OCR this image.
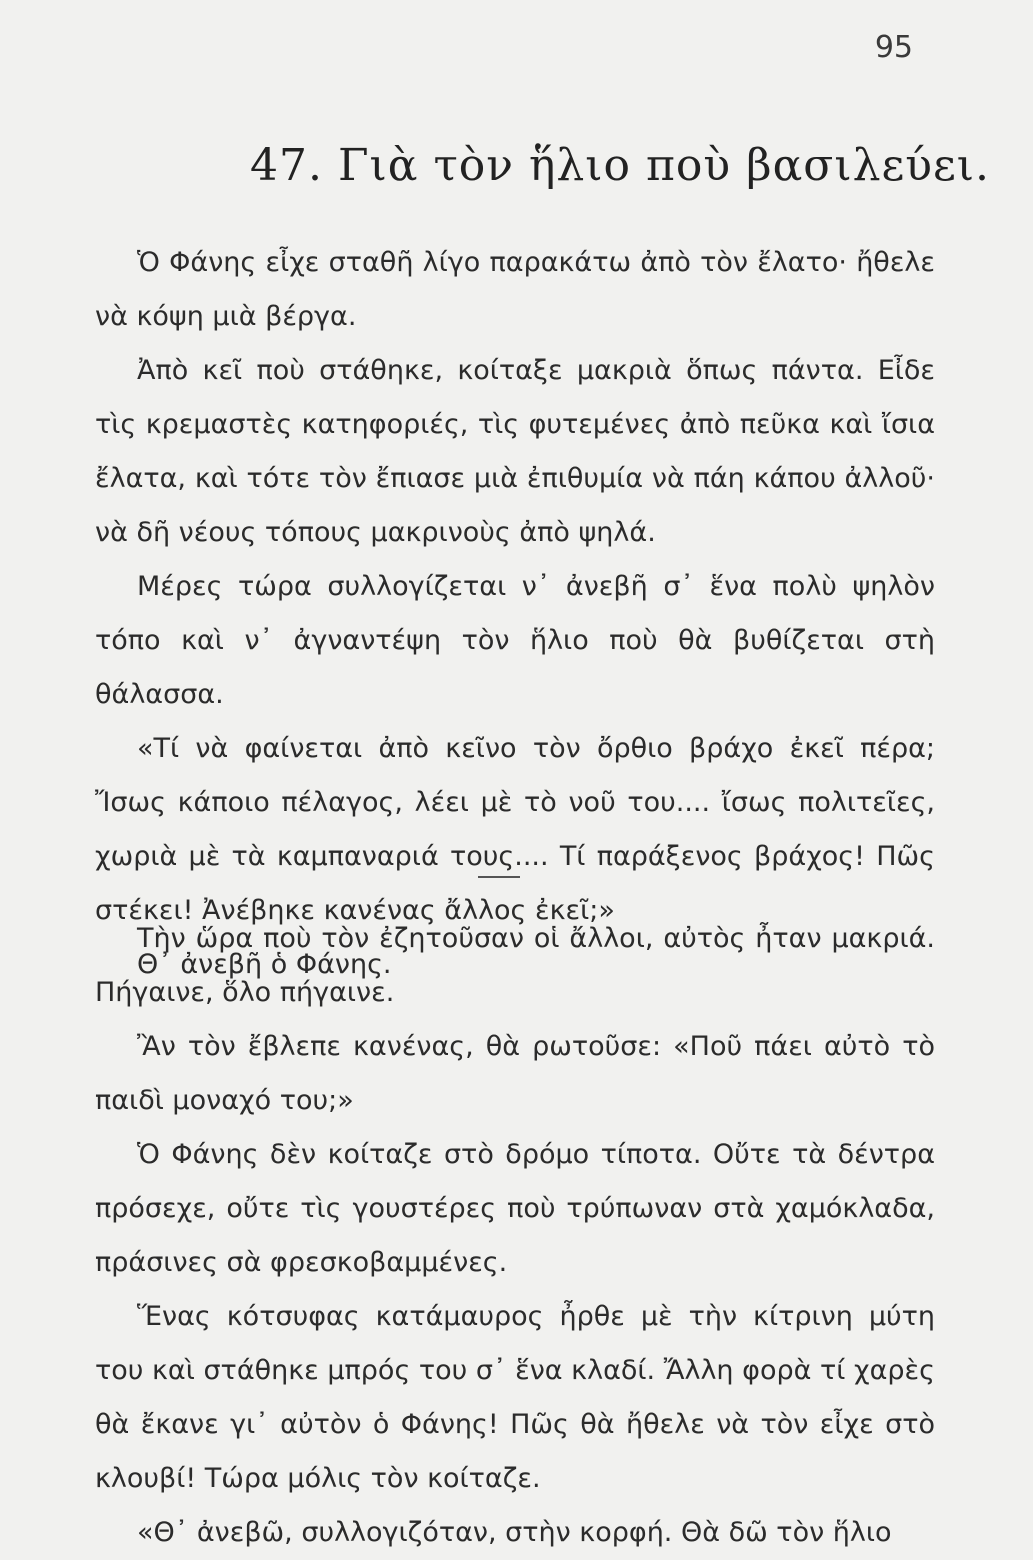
95
47. Γιὰ τὸν ἥλιο ποὺ βασιλεύει.

Ὁ Φάνης εἶχε σταθῆ λίγο παρακάτω ἀπὸ τὸν ἔλατο· ἤθελε νὰ κόψη μιὰ βέργα.

Ἀπὸ κεῖ ποὺ στάθηκε, κοίταξε μακριὰ ὅπως πάντα. Εἶδε τὶς κρεμαστὲς κατηφοριές, τὶς φυτεμένες ἀπὸ πεῦκα καὶ ἴσια ἔλατα, καὶ τότε τὸν ἔπιασε μιὰ ἐπιθυμία νὰ πάη κάπου ἀλλοῦ· νὰ δῆ νέους τόπους μακρινοὺς ἀπὸ ψηλά.

Μέρες τώρα συλλογίζεται ν᾽ ἀνεβῆ σ᾽ ἕνα πολὺ ψηλὸν τόπο καὶ ν᾽ ἀγναντέψη τὸν ἥλιο ποὺ θὰ βυθίζεται στὴ θάλασσα.

«Τί νὰ φαίνεται ἀπὸ κεῖνο τὸν ὄρθιο βράχο ἐκεῖ πέρα; Ἴσως κάποιο πέλαγος, λέει μὲ τὸ νοῦ του.... ἴσως πολιτεῖες, χωριὰ μὲ τὰ καμπαναριά τους.... Τί παράξενος βράχος! Πῶς στέκει! Ἀνέβηκε κανένας ἄλλος ἐκεῖ;»

Θ᾽ ἀνεβῆ ὁ Φάνης.

Τὴν ὥρα ποὺ τὸν ἐζητοῦσαν οἱ ἄλλοι, αὐτὸς ἦταν μακριά. Πήγαινε, ὅλο πήγαινε.

Ἂν τὸν ἔβλεπε κανένας, θὰ ρωτοῦσε: «Ποῦ πάει αὐτὸ τὸ παιδὶ μοναχό του;»

Ὁ Φάνης δὲν κοίταζε στὸ δρόμο τίποτα. Οὔτε τὰ δέντρα πρόσεχε, οὔτε τὶς γουστέρες ποὺ τρύπωναν στὰ χαμόκλαδα, πράσινες σὰ φρεσκοβαμμένες.

Ἕνας κότσυφας κατάμαυρος ἦρθε μὲ τὴν κίτρινη μύτη του καὶ στάθηκε μπρός του σ᾽ ἕνα κλαδί. Ἄλλη φορὰ τί χαρὲς θὰ ἔκανε γι᾽ αὐτὸν ὁ Φάνης! Πῶς θὰ ἤθελε νὰ τὸν εἶχε στὸ κλουβί! Τώρα μόλις τὸν κοίταζε.

«Θ᾽ ἀνεβῶ, συλλογιζόταν, στὴν κορφή. Θὰ δῶ τὸν ἥλιο
